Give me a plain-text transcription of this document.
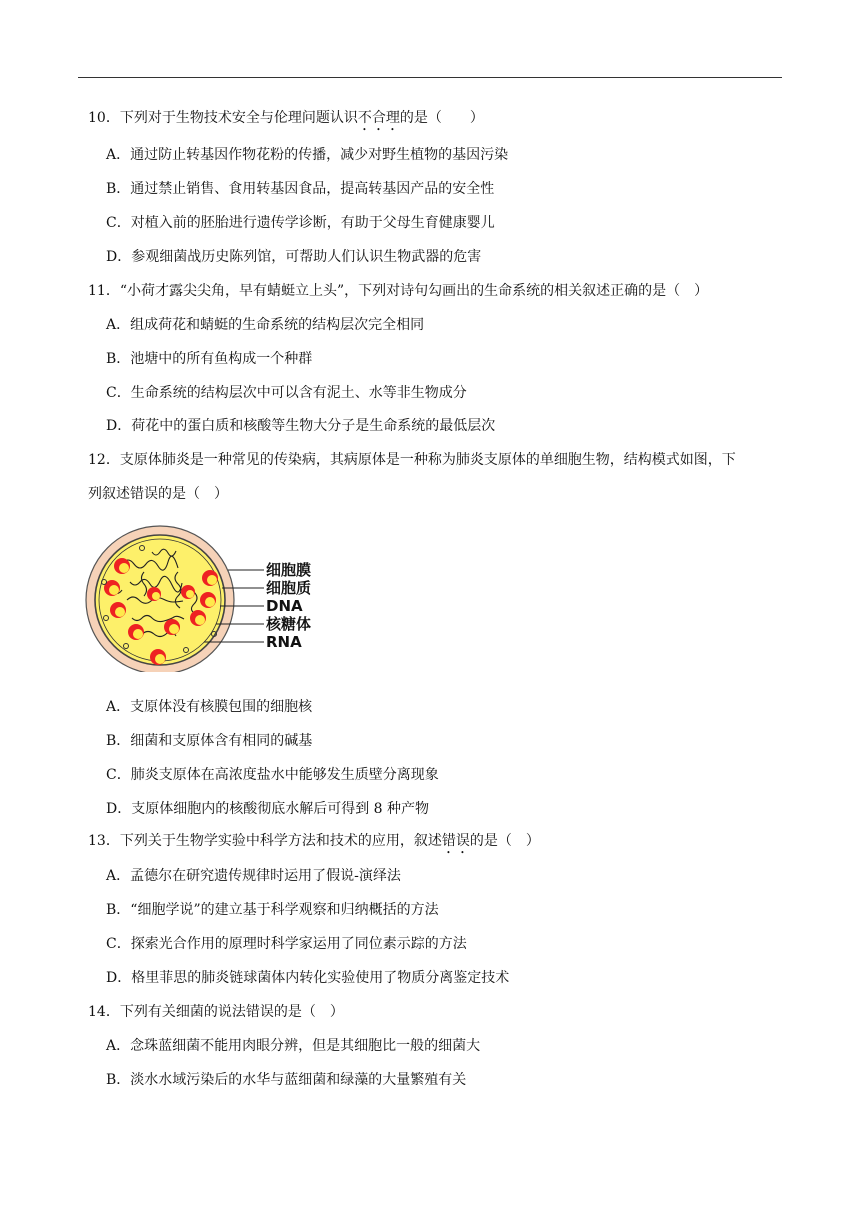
10．下列对于生物技术安全与伦理问题认识不合理的是（　　）
A．通过防止转基因作物花粉的传播，减少对野生植物的基因污染
B．通过禁止销售、食用转基因食品，提高转基因产品的安全性
C．对植入前的胚胎进行遗传学诊断，有助于父母生育健康婴儿
D．参观细菌战历史陈列馆，可帮助人们认识生物武器的危害
11．“小荷才露尖尖角，早有蜻蜓立上头”，下列对诗句勾画出的生命系统的相关叙述正确的是（　）
A．组成荷花和蜻蜓的生命系统的结构层次完全相同
B．池塘中的所有鱼构成一个种群
C．生命系统的结构层次中可以含有泥土、水等非生物成分
D．荷花中的蛋白质和核酸等生物大分子是生命系统的最低层次
12．支原体肺炎是一种常见的传染病，其病原体是一种称为肺炎支原体的单细胞生物，结构模式如图，下
列叙述错误的是（　）
细胞膜
细胞质
DNA
核糖体
RNA
A．支原体没有核膜包围的细胞核
B．细菌和支原体含有相同的碱基
C．肺炎支原体在高浓度盐水中能够发生质壁分离现象
D．支原体细胞内的核酸彻底水解后可得到 8 种产物
13．下列关于生物学实验中科学方法和技术的应用，叙述错误的是（　）
A．孟德尔在研究遗传规律时运用了假说-演绎法
B．“细胞学说”的建立基于科学观察和归纳概括的方法
C．探索光合作用的原理时科学家运用了同位素示踪的方法
D．格里菲思的肺炎链球菌体内转化实验使用了物质分离鉴定技术
14．下列有关细菌的说法错误的是（　）
A．念珠蓝细菌不能用肉眼分辨，但是其细胞比一般的细菌大
B．淡水水域污染后的水华与蓝细菌和绿藻的大量繁殖有关
